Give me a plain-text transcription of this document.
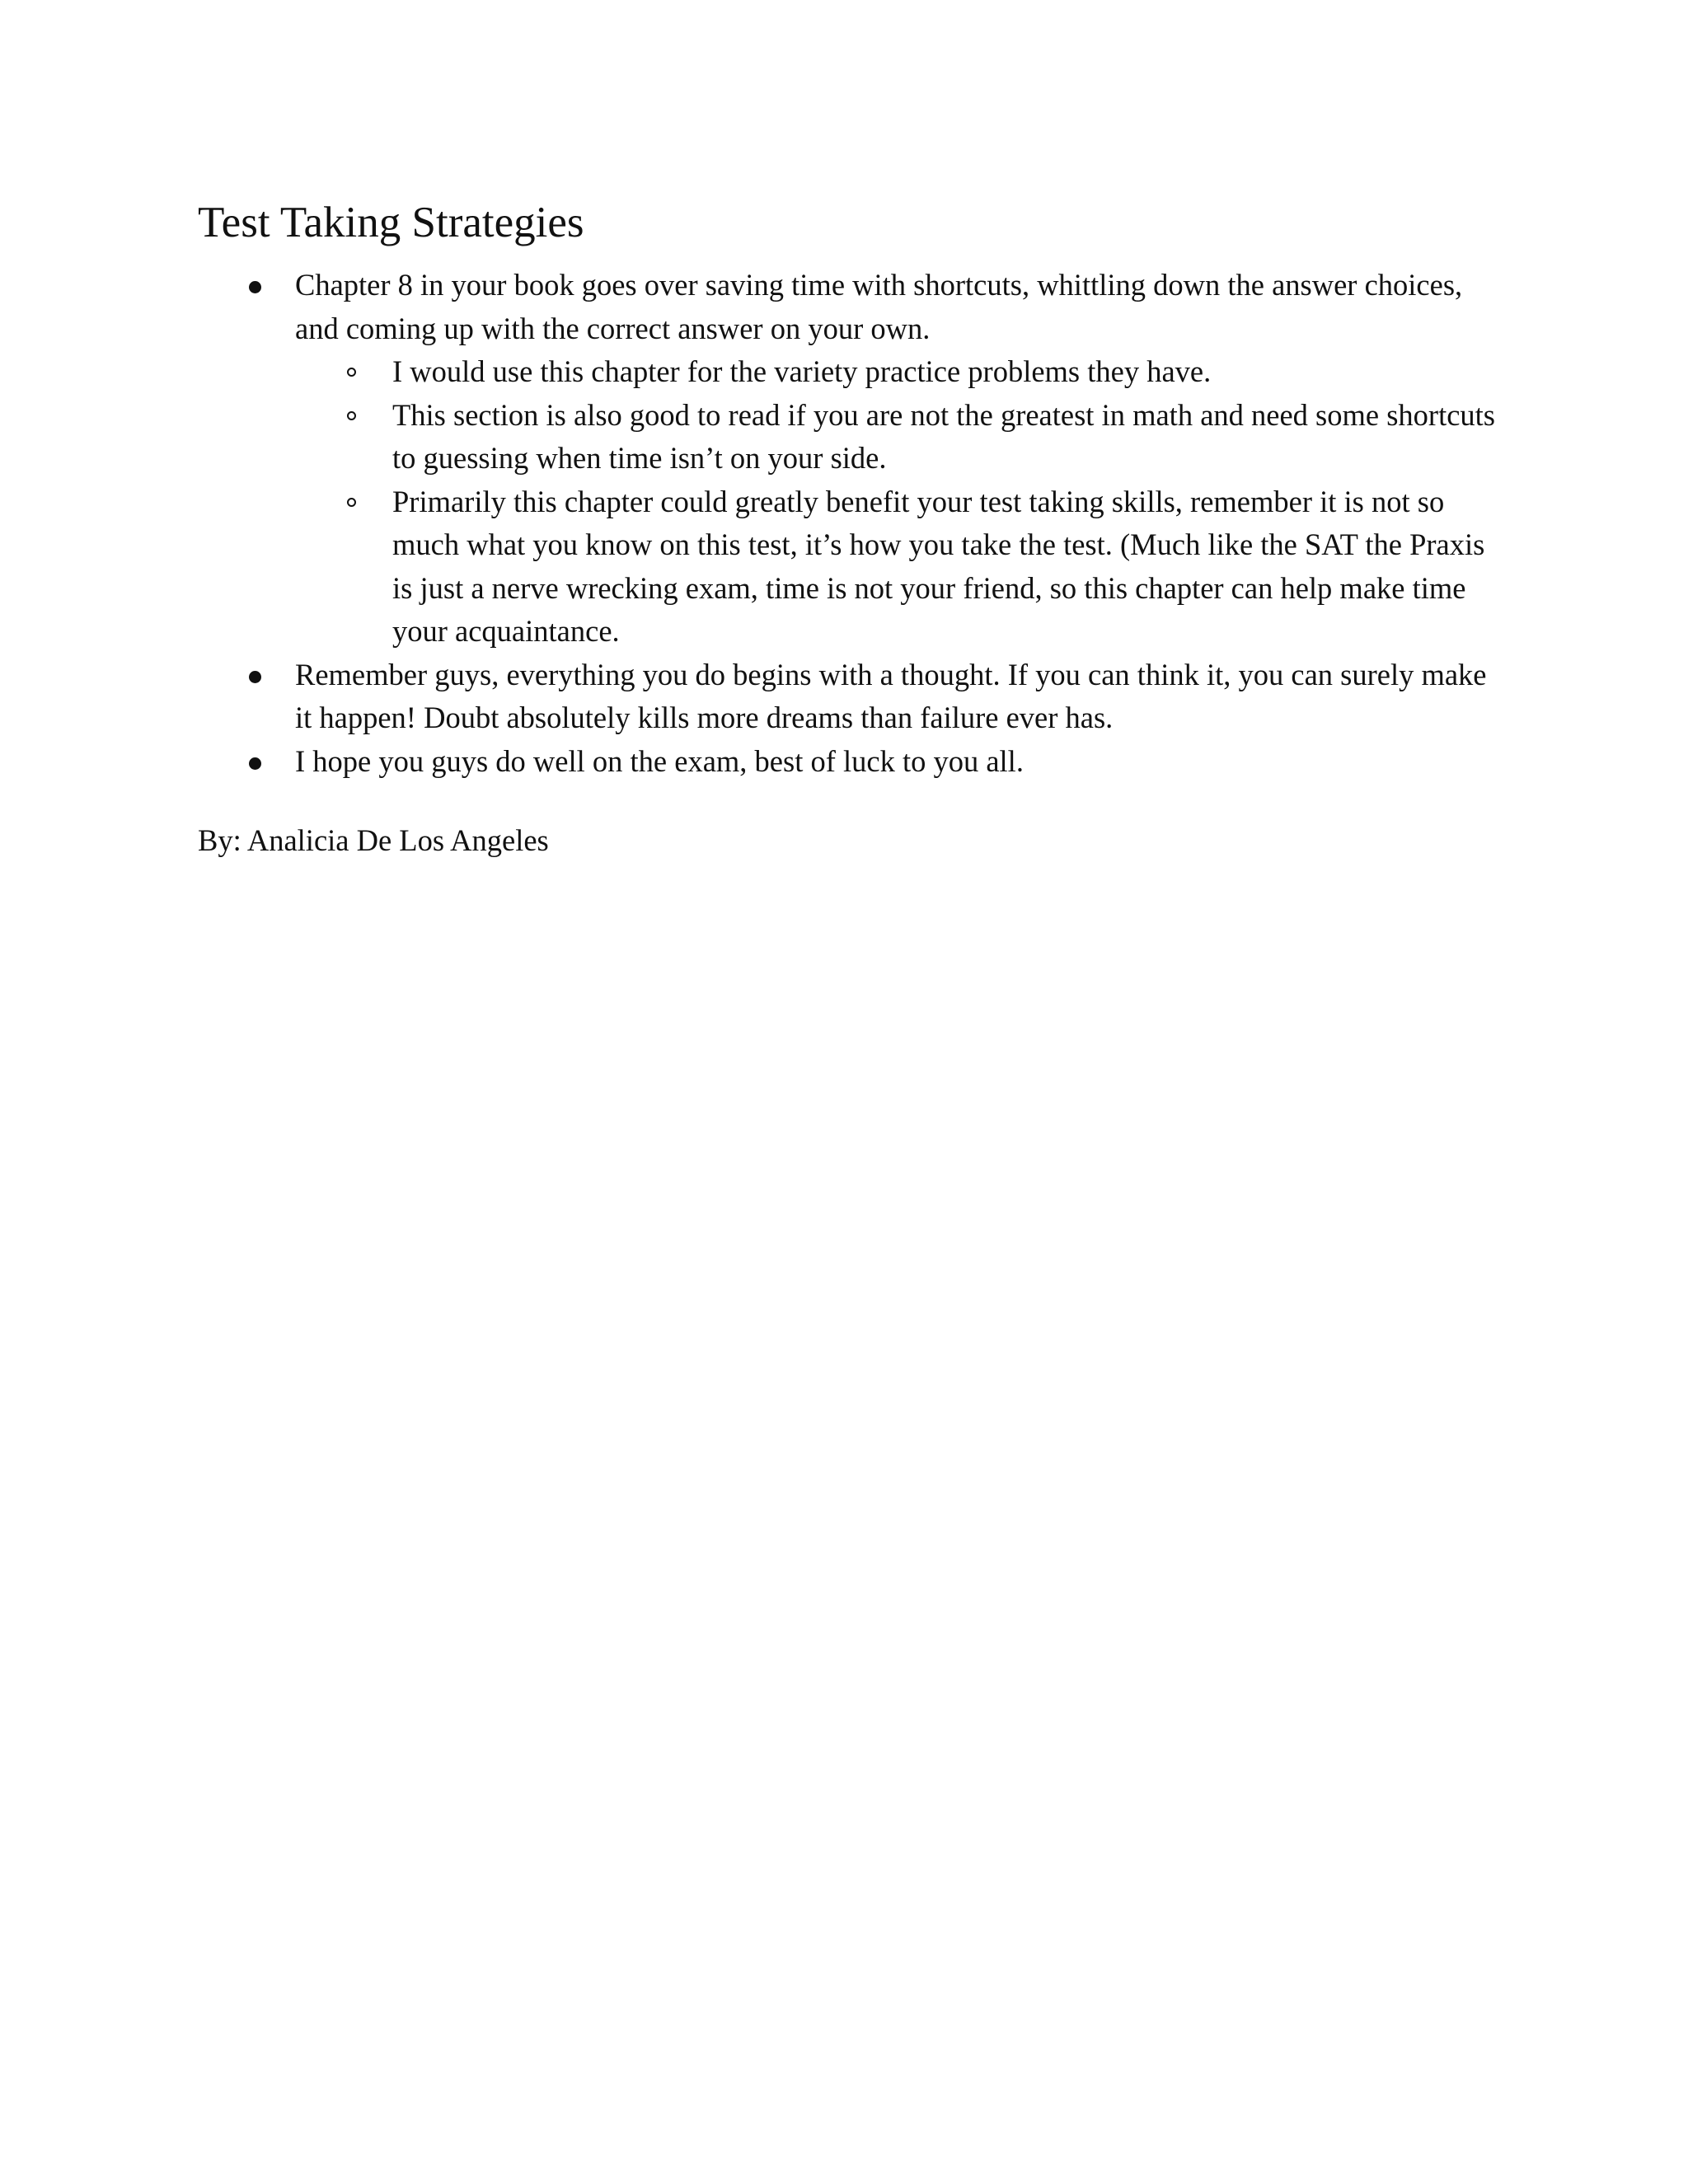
Test Taking Strategies
Chapter 8 in your book goes over saving time with shortcuts, whittling down the answer choices, and coming up with the correct answer on your own.
I would use this chapter for the variety practice problems they have.
This section is also good to read if you are not the greatest in math and need some shortcuts to guessing when time isn’t on your side.
Primarily this chapter could greatly benefit your test taking skills, remember it is not so much what you know on this test, it’s how you take the test. (Much like the SAT the Praxis is just a nerve wrecking exam, time is not your friend, so this chapter can help make time your acquaintance.
Remember guys, everything you do begins with a thought. If you can think it, you can surely make it happen! Doubt absolutely kills more dreams than failure ever has.
I hope you guys do well on the exam, best of luck to you all.
By: Analicia De Los Angeles
